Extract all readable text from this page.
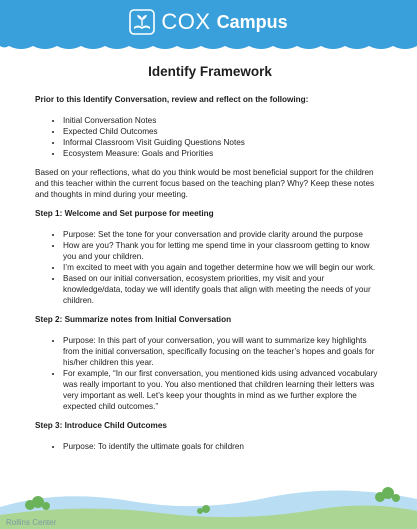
COX Campus
Identify Framework
Prior to this Identify Conversation, review and reflect on the following:
• Initial Conversation Notes
• Expected Child Outcomes
• Informal Classroom Visit Guiding Questions Notes
• Ecosystem Measure: Goals and Priorities
Based on your reflections, what do you think would be most beneficial support for the children and this teacher within the current focus based on the teaching plan? Why? Keep these notes and thoughts in mind during your meeting.
Step 1: Welcome and Set purpose for meeting
• Purpose: Set the tone for your conversation and provide clarity around the purpose
• How are you? Thank you for letting me spend time in your classroom getting to know you and your children.
• I’m excited to meet with you again and together determine how we will begin our work.
• Based on our initial conversation, ecosystem priorities, my visit and your knowledge/data, today we will identify goals that align with meeting the needs of your children.
Step 2: Summarize notes from Initial Conversation
• Purpose: In this part of your conversation, you will want to summarize key highlights from the initial conversation, specifically focusing on the teacher’s hopes and goals for his/her children this year.
• For example, “In our first conversation, you mentioned kids using advanced vocabulary was really important to you. You also mentioned that children learning their letters was very important as well. Let’s keep your thoughts in mind as we further explore the expected child outcomes.”
Step 3: Introduce Child Outcomes
• Purpose: To identify the ultimate goals for children
Rollins Center
